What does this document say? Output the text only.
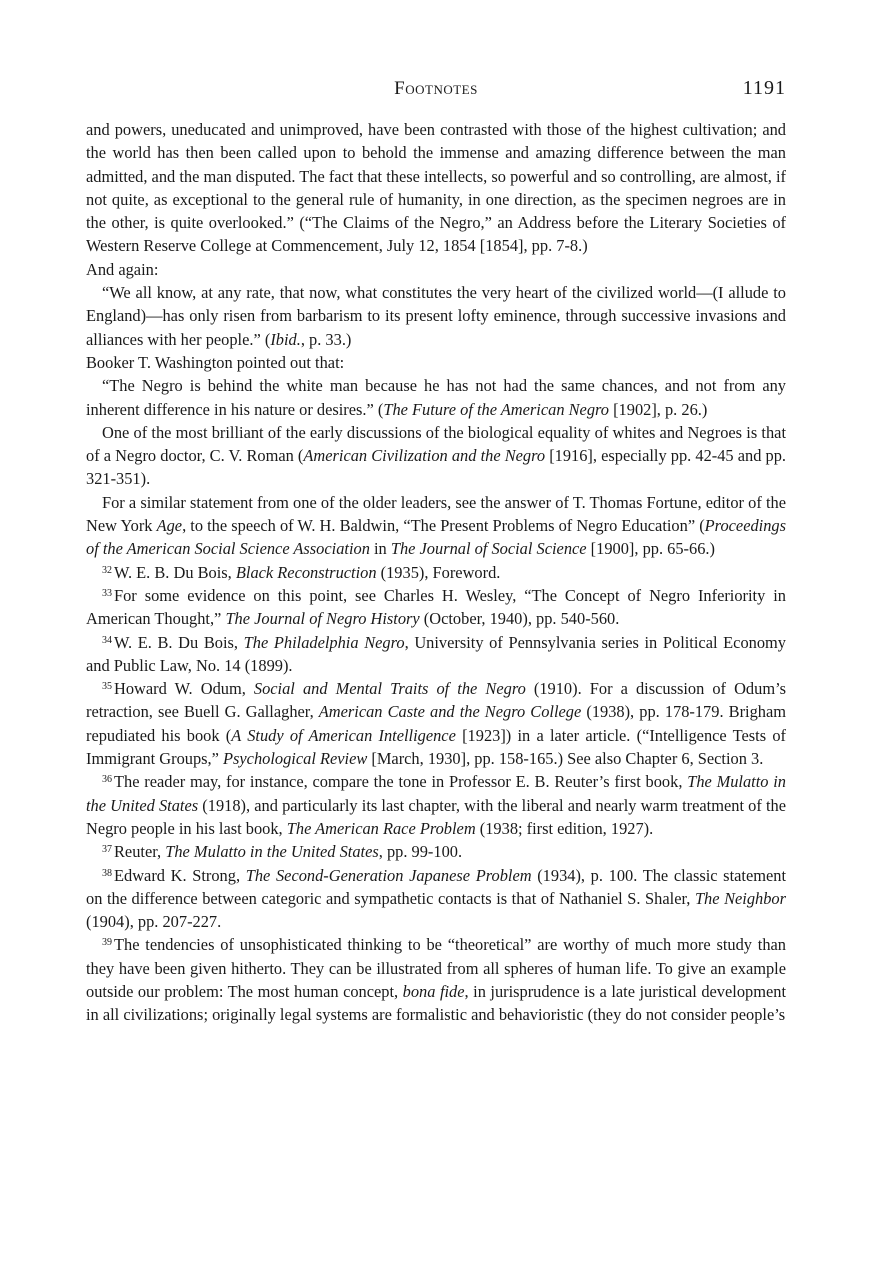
Footnotes	1191

and powers, uneducated and unimproved, have been contrasted with those of the highest cultivation; and the world has then been called upon to behold the immense and amazing difference between the man admitted, and the man disputed. The fact that these intellects, so powerful and so controlling, are almost, if not quite, as exceptional to the general rule of humanity, in one direction, as the specimen negroes are in the other, is quite overlooked.” (“The Claims of the Negro,” an Address before the Literary Societies of Western Reserve College at Commencement, July 12, 1854 [1854], pp. 7-8.)

And again:

“We all know, at any rate, that now, what constitutes the very heart of the civilized world—(I allude to England)—has only risen from barbarism to its present lofty eminence, through successive invasions and alliances with her people.” (Ibid., p. 33.)

Booker T. Washington pointed out that:

“The Negro is behind the white man because he has not had the same chances, and not from any inherent difference in his nature or desires.” (The Future of the American Negro [1902], p. 26.)

One of the most brilliant of the early discussions of the biological equality of whites and Negroes is that of a Negro doctor, C. V. Roman (American Civilization and the Negro [1916], especially pp. 42-45 and pp. 321-351).

For a similar statement from one of the older leaders, see the answer of T. Thomas Fortune, editor of the New York Age, to the speech of W. H. Baldwin, “The Present Problems of Negro Education” (Proceedings of the American Social Science Association in The Journal of Social Science [1900], pp. 65-66.)

$^{32}$ W. E. B. Du Bois, Black Reconstruction (1935), Foreword.

$^{33}$ For some evidence on this point, see Charles H. Wesley, “The Concept of Negro Inferiority in American Thought,” The Journal of Negro History (October, 1940), pp. 540-560.

$^{34}$ W. E. B. Du Bois, The Philadelphia Negro, University of Pennsylvania series in Political Economy and Public Law, No. 14 (1899).

$^{35}$ Howard W. Odum, Social and Mental Traits of the Negro (1910). For a discussion of Odum’s retraction, see Buell G. Gallagher, American Caste and the Negro College (1938), pp. 178-179. Brigham repudiated his book (A Study of American Intelligence [1923]) in a later article. (“Intelligence Tests of Immigrant Groups,” Psychological Review [March, 1930], pp. 158-165.) See also Chapter 6, Section 3.

$^{36}$ The reader may, for instance, compare the tone in Professor E. B. Reuter’s first book, The Mulatto in the United States (1918), and particularly its last chapter, with the liberal and nearly warm treatment of the Negro people in his last book, The American Race Problem (1938; first edition, 1927).

$^{37}$ Reuter, The Mulatto in the United States, pp. 99-100.

$^{38}$ Edward K. Strong, The Second-Generation Japanese Problem (1934), p. 100. The classic statement on the difference between categoric and sympathetic contacts is that of Nathaniel S. Shaler, The Neighbor (1904), pp. 207-227.

$^{39}$ The tendencies of unsophisticated thinking to be “theoretical” are worthy of much more study than they have been given hitherto. They can be illustrated from all spheres of human life. To give an example outside our problem: The most human concept, bona fide, in jurisprudence is a late juristical development in all civilizations; originally legal systems are formalistic and behavioristic (they do not consider people’s
